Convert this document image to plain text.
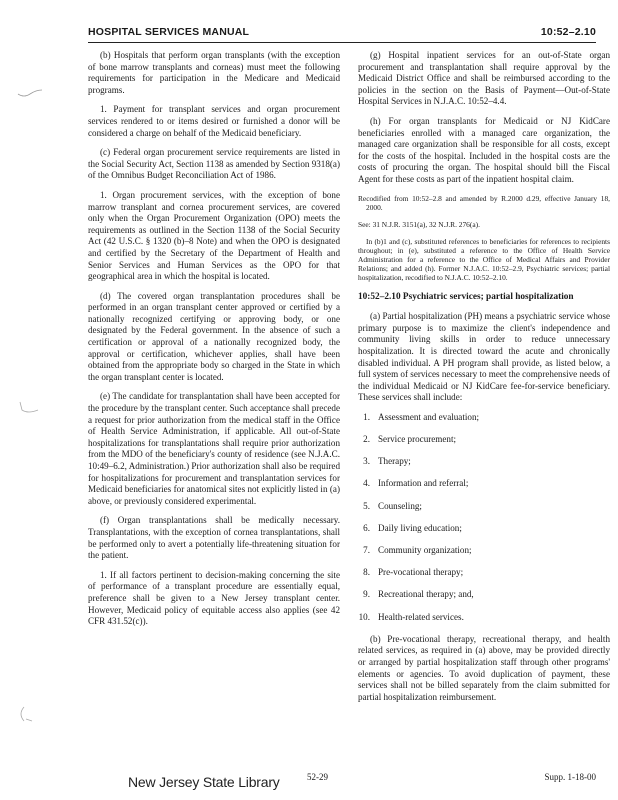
HOSPITAL SERVICES MANUAL	10:52–2.10

(b) Hospitals that perform organ transplants (with the exception of bone marrow transplants and corneas) must meet the following requirements for participation in the Medicare and Medicaid programs.

1. Payment for transplant services and organ procurement services rendered to or items desired or furnished a donor will be considered a charge on behalf of the Medicaid beneficiary.

(c) Federal organ procurement service requirements are listed in the Social Security Act, Section 1138 as amended by Section 9318(a) of the Omnibus Budget Reconciliation Act of 1986.

1. Organ procurement services, with the exception of bone marrow transplant and cornea procurement services, are covered only when the Organ Procurement Organization (OPO) meets the requirements as outlined in the Section 1138 of the Social Security Act (42 U.S.C. § 1320 (b)–8 Note) and when the OPO is designated and certified by the Secretary of the Department of Health and Senior Services and Human Services as the OPO for that geographical area in which the hospital is located.

(d) The covered organ transplantation procedures shall be performed in an organ transplant center approved or certified by a nationally recognized certifying or approving body, or one designated by the Federal government. In the absence of such a certification or approval of a nationally recognized body, the approval or certification, whichever applies, shall have been obtained from the appropriate body so charged in the State in which the organ transplant center is located.

(e) The candidate for transplantation shall have been accepted for the procedure by the transplant center. Such acceptance shall precede a request for prior authorization from the medical staff in the Office of Health Service Administration, if applicable. All out-of-State hospitalizations for transplantations shall require prior authorization from the MDO of the beneficiary's county of residence (see N.J.A.C. 10:49–6.2, Administration.) Prior authorization shall also be required for hospitalizations for procurement and transplantation services for Medicaid beneficiaries for anatomical sites not explicitly listed in (a) above, or previously considered experimental.

(f) Organ transplantations shall be medically necessary. Transplantations, with the exception of cornea transplantations, shall be performed only to avert a potentially life-threatening situation for the patient.

1. If all factors pertinent to decision-making concerning the site of performance of a transplant procedure are essentially equal, preference shall be given to a New Jersey transplant center. However, Medicaid policy of equitable access also applies (see 42 CFR 431.52(c)).

(g) Hospital inpatient services for an out-of-State organ procurement and transplantation shall require approval by the Medicaid District Office and shall be reimbursed according to the policies in the section on the Basis of Payment—Out-of-State Hospital Services in N.J.A.C. 10:52–4.4.

(h) For organ transplants for Medicaid or NJ KidCare beneficiaries enrolled with a managed care organization, the managed care organization shall be responsible for all costs, except for the costs of the hospital. Included in the hospital costs are the costs of procuring the organ. The hospital should bill the Fiscal Agent for these costs as part of the inpatient hospital claim.

Recodified from 10:52–2.8 and amended by R.2000 d.29, effective January 18, 2000.

See: 31 N.J.R. 3151(a), 32 N.J.R. 276(a).

In (b)1 and (c), substituted references to beneficiaries for references to recipients throughout; in (e), substituted a reference to the Office of Health Service Administration for a reference to the Office of Medical Affairs and Provider Relations; and added (h). Former N.J.A.C. 10:52–2.9, Psychiatric services; partial hospitalization, recodified to N.J.A.C. 10:52–2.10.

10:52–2.10 Psychiatric services; partial hospitalization

(a) Partial hospitalization (PH) means a psychiatric service whose primary purpose is to maximize the client's independence and community living skills in order to reduce unnecessary hospitalization. It is directed toward the acute and chronically disabled individual. A PH program shall provide, as listed below, a full system of services necessary to meet the comprehensive needs of the individual Medicaid or NJ KidCare fee-for-service beneficiary. These services shall include:

1. Assessment and evaluation;
2. Service procurement;
3. Therapy;
4. Information and referral;
5. Counseling;
6. Daily living education;
7. Community organization;
8. Pre-vocational therapy;
9. Recreational therapy; and,
10. Health-related services.

(b) Pre-vocational therapy, recreational therapy, and health related services, as required in (a) above, may be provided directly or arranged by partial hospitalization staff through other programs' elements or agencies. To avoid duplication of payment, these services shall not be billed separately from the claim submitted for partial hospitalization reimbursement.

New Jersey State Library	52-29	Supp. 1-18-00
